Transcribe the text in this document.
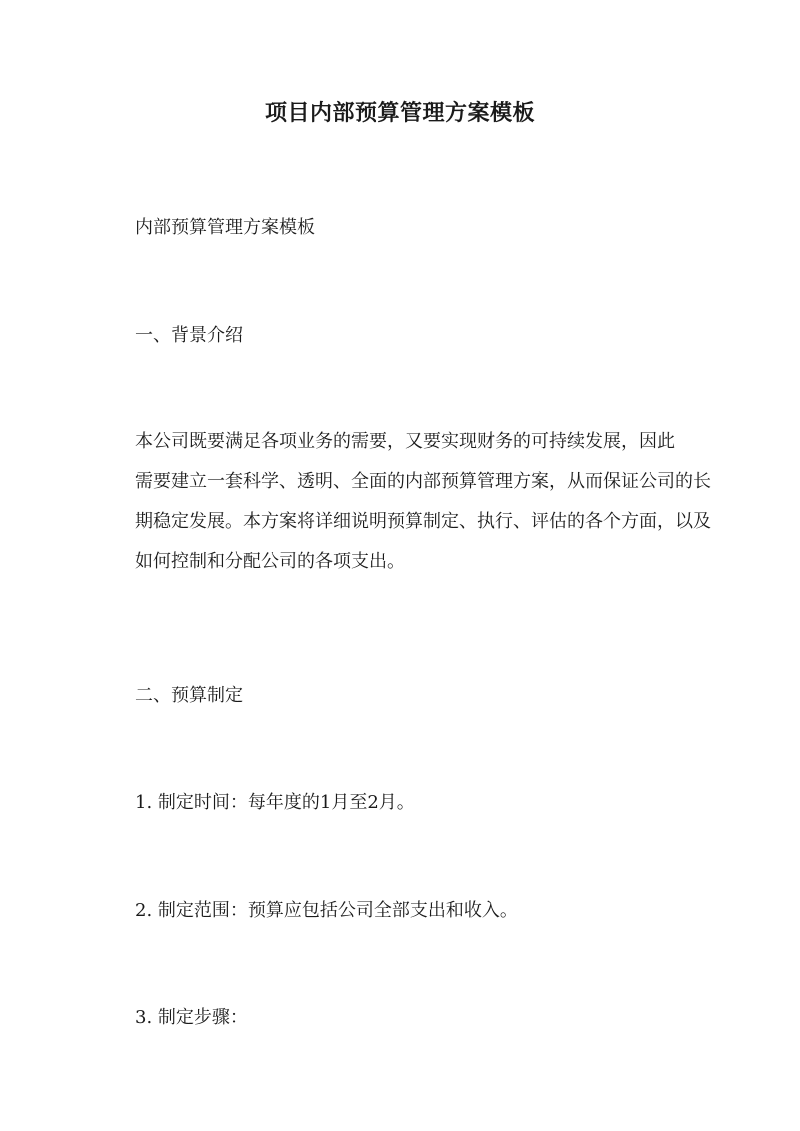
项目内部预算管理方案模板
内部预算管理方案模板
一、背景介绍
本公司既要满足各项业务的需要，又要实现财务的可持续发展，因此
需要建立一套科学、透明、全面的内部预算管理方案，从而保证公司的长
期稳定发展。本方案将详细说明预算制定、执行、评估的各个方面，以及
如何控制和分配公司的各项支出。
二、预算制定
1. 制定时间：每年度的1月至2月。
2. 制定范围：预算应包括公司全部支出和收入。
3. 制定步骤：
